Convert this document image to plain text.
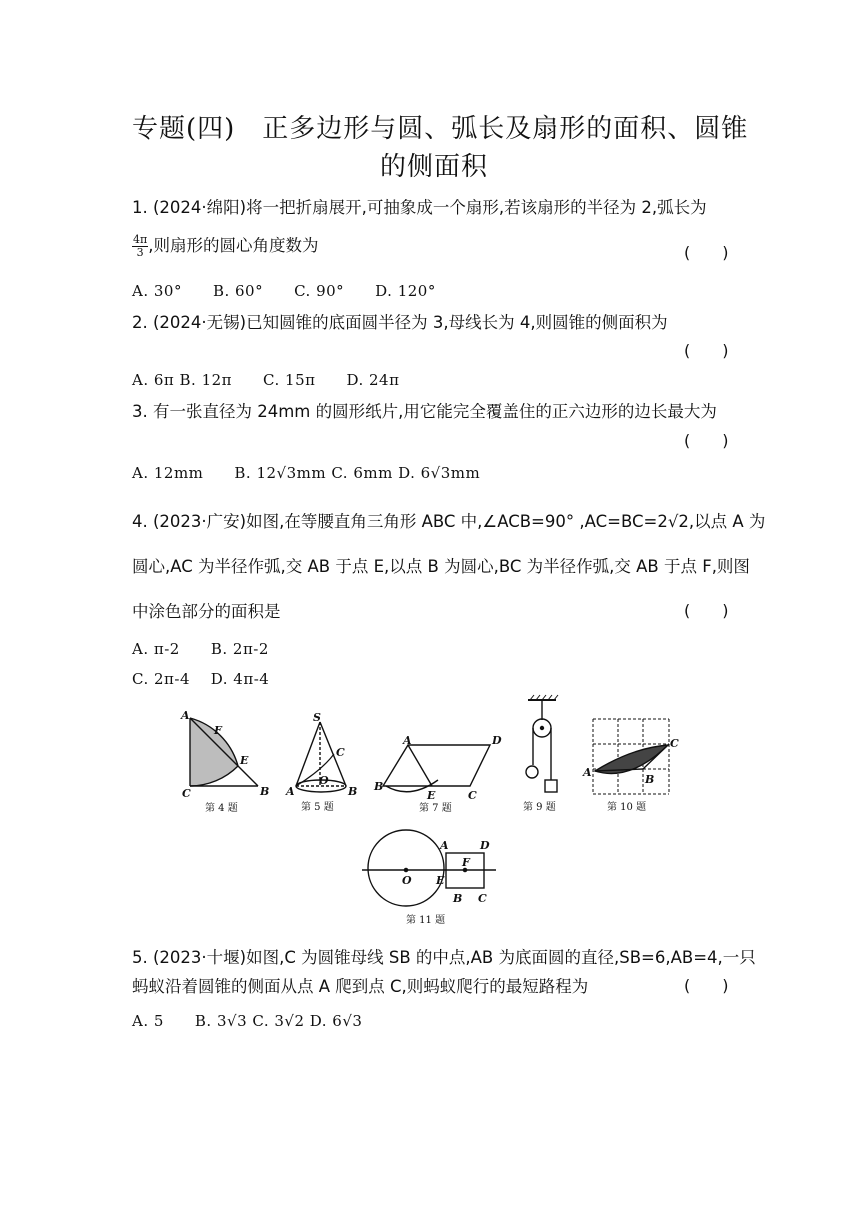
专题(四)　正多边形与圆、弧长及扇形的面积、圆锥
的侧面积
1. (2024·绵阳)将一把折扇展开,可抽象成一个扇形,若该扇形的半径为 2,弧长为
$\frac{4\pi}{3}$ ,则扇形的圆心角度数为	(　　)
A. 30°　　B. 60°　　C. 90°　　D. 120°
2. (2024·无锡)已知圆锥的底面圆半径为 3,母线长为 4,则圆锥的侧面积为
(　　)
A. 6π B. 12π　　C. 15π　　D. 24π
3. 有一张直径为 24mm 的圆形纸片,用它能完全覆盖住的正六边形的边长最大为
(　　)
A. 12mm　　B. 12√3mm C. 6mm D. 6√3mm
4. (2023·广安)如图,在等腰直角三角形 ABC 中,∠ACB=90° ,AC=BC=2√2,以点 A 为
圆心,AC 为半径作弧,交 AB 于点 E,以点 B 为圆心,BC 为半径作弧,交 AB 于点 F,则图
中涂色部分的面积是	(　　)
A. π-2　　B. 2π-2
C. 2π-4　 D. 4π-4
A
F
E
C	B
S
C
O
A	B
A	D
B
E	C
A
B
C
O E
A	D
F
B C
第 4 题	第 5 题	第 7 题	第 9 题	第 10 题
第 11 题
5. (2023·十堰)如图,C 为圆锥母线 SB 的中点,AB 为底面圆的直径,SB=6,AB=4,一只
蚂蚁沿着圆锥的侧面从点 A 爬到点 C,则蚂蚁爬行的最短路程为	(　　)
A. 5　　B. 3√3 C. 3√2 D. 6√3
